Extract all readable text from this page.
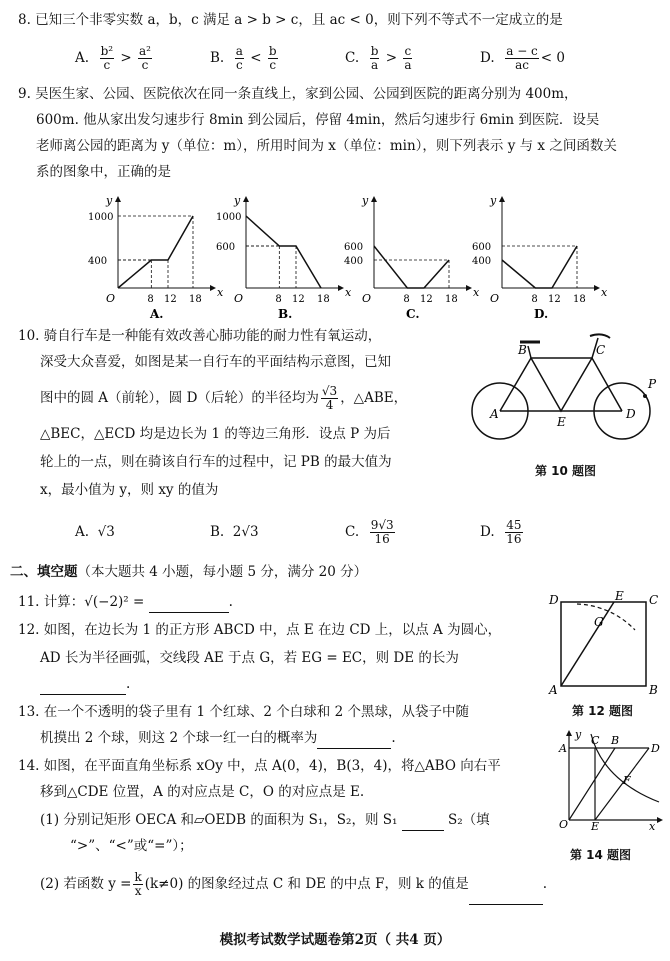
8. 已知三个非零实数 a，b，c 满足 a > b > c，且 ac < 0，则下列不等式不一定成立的是
A. $\frac{\text{b²}}{c} > \frac{\text{a²}}{c}$	B. $\frac{a}{c} < \frac{b}{c}$	C. $\frac{b}{a} > \frac{c}{a}$	D. $\frac{a - c}{ac} < 0$
9. 吴医生家、公园、医院依次在同一条直线上，家到公园、公园到医院的距离分别为 400m，
600m. 他从家出发匀速步行 8min 到公园后，停留 4min，然后匀速步行 6min 到医院．设吴
老师离公园的距离为 y（单位：m），所用时间为 x（单位：min），则下列表示 y 与 x 之间函数关
系的图象中，正确的是
x
y
O
1000
400
8 12 18
A.
x
y
O
1000
600
8 12 18
B.
x
y
O
600
400
8 12 18
C.
x
y
O
600
400
8 12 18
D.
10. 骑自行车是一种能有效改善心肺功能的耐力性有氧运动，
深受大众喜爱，如图是某一自行车的平面结构示意图，已知
图中的圆 A（前轮），圆 D（后轮）的半径均为 $\frac{√3}{4}$ ，△ABE，
△BEC，△ECD 均是边长为 1 的等边三角形．设点 P 为后
轮上的一点，则在骑该自行车的过程中，记 PB 的最大值为
x，最小值为 y，则 xy 的值为
A
B	C
D
E
P
第 10 题图
A.  √3	B.  2√3	C. $\frac{9√3}{16}$	D. $\frac{45}{16}$
二、填空题（本大题共 4 小题，每小题 5 分，满分 20 分）
11. 计算：√(−2)² =	.
12. 如图，在边长为 1 的正方形 ABCD 中，点 E 在边 CD 上，以点 A 为圆心，
AD 长为半径画弧，交线段 AE 于点 G，若 EG = EC，则 DE 的长为
.
D	C
A	B
E
G
第 12 题图
13. 在一个不透明的袋子里有 1 个红球、2 个白球和 2 个黑球，从袋子中随
机摸出 2 个球，则这 2 个球一红一白的概率为	.
14. 如图，在平面直角坐标系 xOy 中，点 A(0，4)，B(3，4)，将△ABO 向右平
移到△CDE 位置，A 的对应点是 C，O 的对应点是 E.
(1) 分别记矩形 OECA 和▱OEDB 的面积为 S₁，S₂，则 S₁	S₂（填
“>”、“<”或“=”）；
(2) 若函数 $y = \frac{k}{x} (k\ne 0)$ 的图象经过点 C 和 DE 的中点 F，则 k 的值是	.
A
C B
D
F
O E	x
y
第 14 题图
模拟考试数学试题卷第2页（ 共4 页）
